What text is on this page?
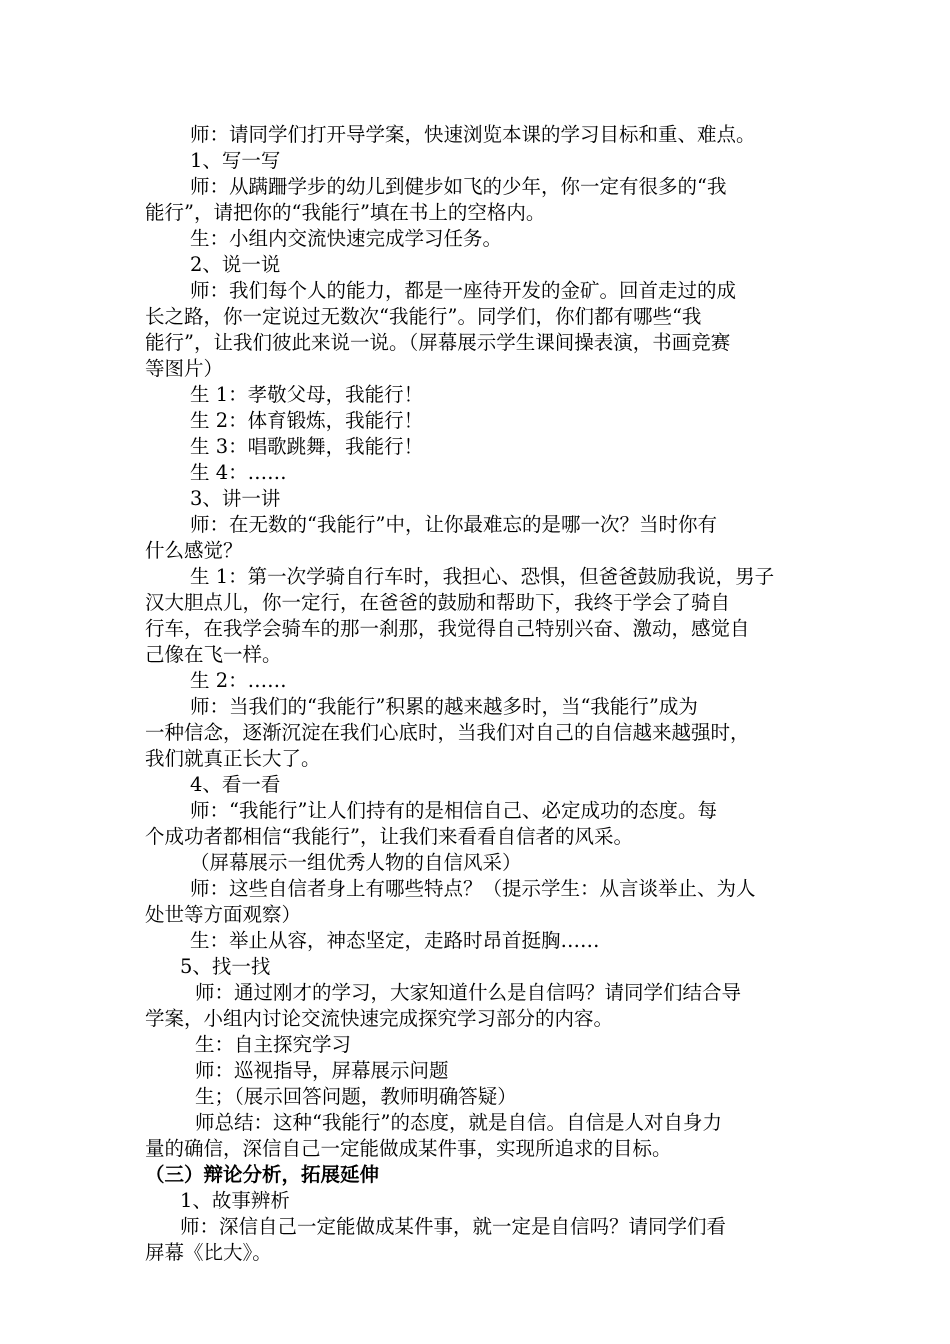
师：请同学们打开导学案，快速浏览本课的学习目标和重、难点。
1、写一写
师：从蹒跚学步的幼儿到健步如飞的少年，你一定有很多的“我
能行”，请把你的“我能行”填在书上的空格内。
生：小组内交流快速完成学习任务。
2、说一说
师：我们每个人的能力，都是一座待开发的金矿。回首走过的成
长之路，你一定说过无数次“我能行”。同学们，你们都有哪些“我
能行”，让我们彼此来说一说。（屏幕展示学生课间操表演，书画竞赛
等图片）
生 1：孝敬父母，我能行！
生 2：体育锻炼，我能行！
生 3：唱歌跳舞，我能行！
生 4：……
3、讲一讲
师：在无数的“我能行”中，让你最难忘的是哪一次？当时你有
什么感觉？
生 1：第一次学骑自行车时，我担心、恐惧，但爸爸鼓励我说，男子
汉大胆点儿，你一定行，在爸爸的鼓励和帮助下，我终于学会了骑自
行车，在我学会骑车的那一刹那，我觉得自己特别兴奋、激动，感觉自
己像在飞一样。
生 2：……
师：当我们的“我能行”积累的越来越多时，当“我能行”成为
一种信念，逐渐沉淀在我们心底时，当我们对自己的自信越来越强时，
我们就真正长大了。
4、看一看
师：“我能行”让人们持有的是相信自己、必定成功的态度。每
个成功者都相信“我能行”，让我们来看看自信者的风采。
（屏幕展示一组优秀人物的自信风采）
师：这些自信者身上有哪些特点？（提示学生：从言谈举止、为人
处世等方面观察）
生：举止从容，神态坚定，走路时昂首挺胸……
5、找一找
师：通过刚才的学习，大家知道什么是自信吗？请同学们结合导
学案，小组内讨论交流快速完成探究学习部分的内容。
生：自主探究学习
师：巡视指导，屏幕展示问题
生；（展示回答问题，教师明确答疑）
师总结：这种“我能行”的态度，就是自信。自信是人对自身力
量的确信，深信自己一定能做成某件事，实现所追求的目标。
（三）辩论分析，拓展延伸
1、故事辨析
师：深信自己一定能做成某件事，就一定是自信吗？请同学们看
屏幕《比大》。
